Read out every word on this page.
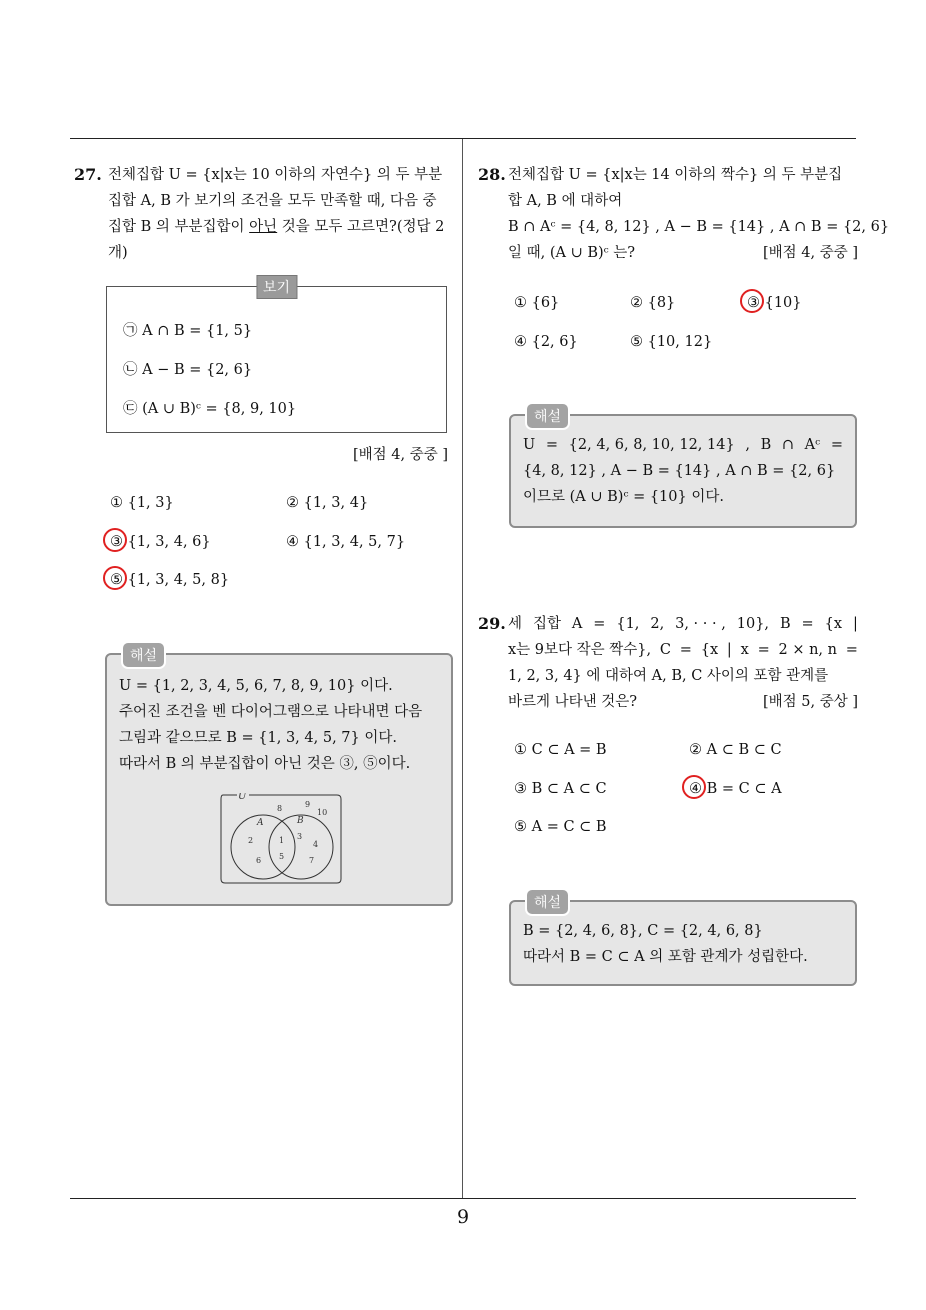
9
27. 전체집합 U = {x|x는 10 이하의 자연수} 의 두 부분
집합 A, B 가 보기의 조건을 모두 만족할 때, 다음 중
집합 B 의 부분집합이 아닌 것을 모두 고르면?(정답 2
개)
보기
㉠ A ∩ B = {1, 5}
㉡ A − B = {2, 6}
㉢ (A ∪ B)ᶜ = {8, 9, 10}
[배점 4, 중중 ]
① {1, 3}	② {1, 3, 4}
③ {1, 3, 4, 6}	④ {1, 3, 4, 5, 7}
⑤ {1, 3, 4, 5, 8}
해설
U = {1, 2, 3, 4, 5, 6, 7, 8, 9, 10} 이다.
주어진 조건을 벤 다이어그램으로 나타내면 다음
그림과 같으므로 B = {1, 3, 4, 5, 7} 이다.
따라서 B 의 부분집합이 아닌 것은 ③, ⑤이다.
U
A	B
2
6
1
5
3
4
7
8	9
10
28. 전체집합 U = {x|x는 14 이하의 짝수} 의 두 부분집
합 A, B 에 대하여
B ∩ Aᶜ = {4, 8, 12} , A − B = {14} , A ∩ B = {2, 6}
일 때, (A ∪ B)ᶜ 는?	[배점 4, 중중 ]
① {6}	② {8}	③ {10}
④ {2, 6}	⑤ {10, 12}
해설
U = {2, 4, 6, 8, 10, 12, 14} , B ∩ Aᶜ =
{4, 8, 12} , A − B = {14} , A ∩ B = {2, 6}
이므로 (A ∪ B)ᶜ = {10} 이다.
29. 세 집합 A = {1, 2, 3, · · · , 10}, B = {x |
x는 9보다 작은 짝수}, C = {x | x = 2 × n, n =
1, 2, 3, 4} 에 대하여 A, B, C 사이의 포함 관계를
바르게 나타낸 것은?	[배점 5, 중상 ]
① C ⊂ A = B	② A ⊂ B ⊂ C
③ B ⊂ A ⊂ C	④ B = C ⊂ A
⑤ A = C ⊂ B
해설
B = {2, 4, 6, 8}, C = {2, 4, 6, 8}
따라서 B = C ⊂ A 의 포함 관계가 성립한다.
